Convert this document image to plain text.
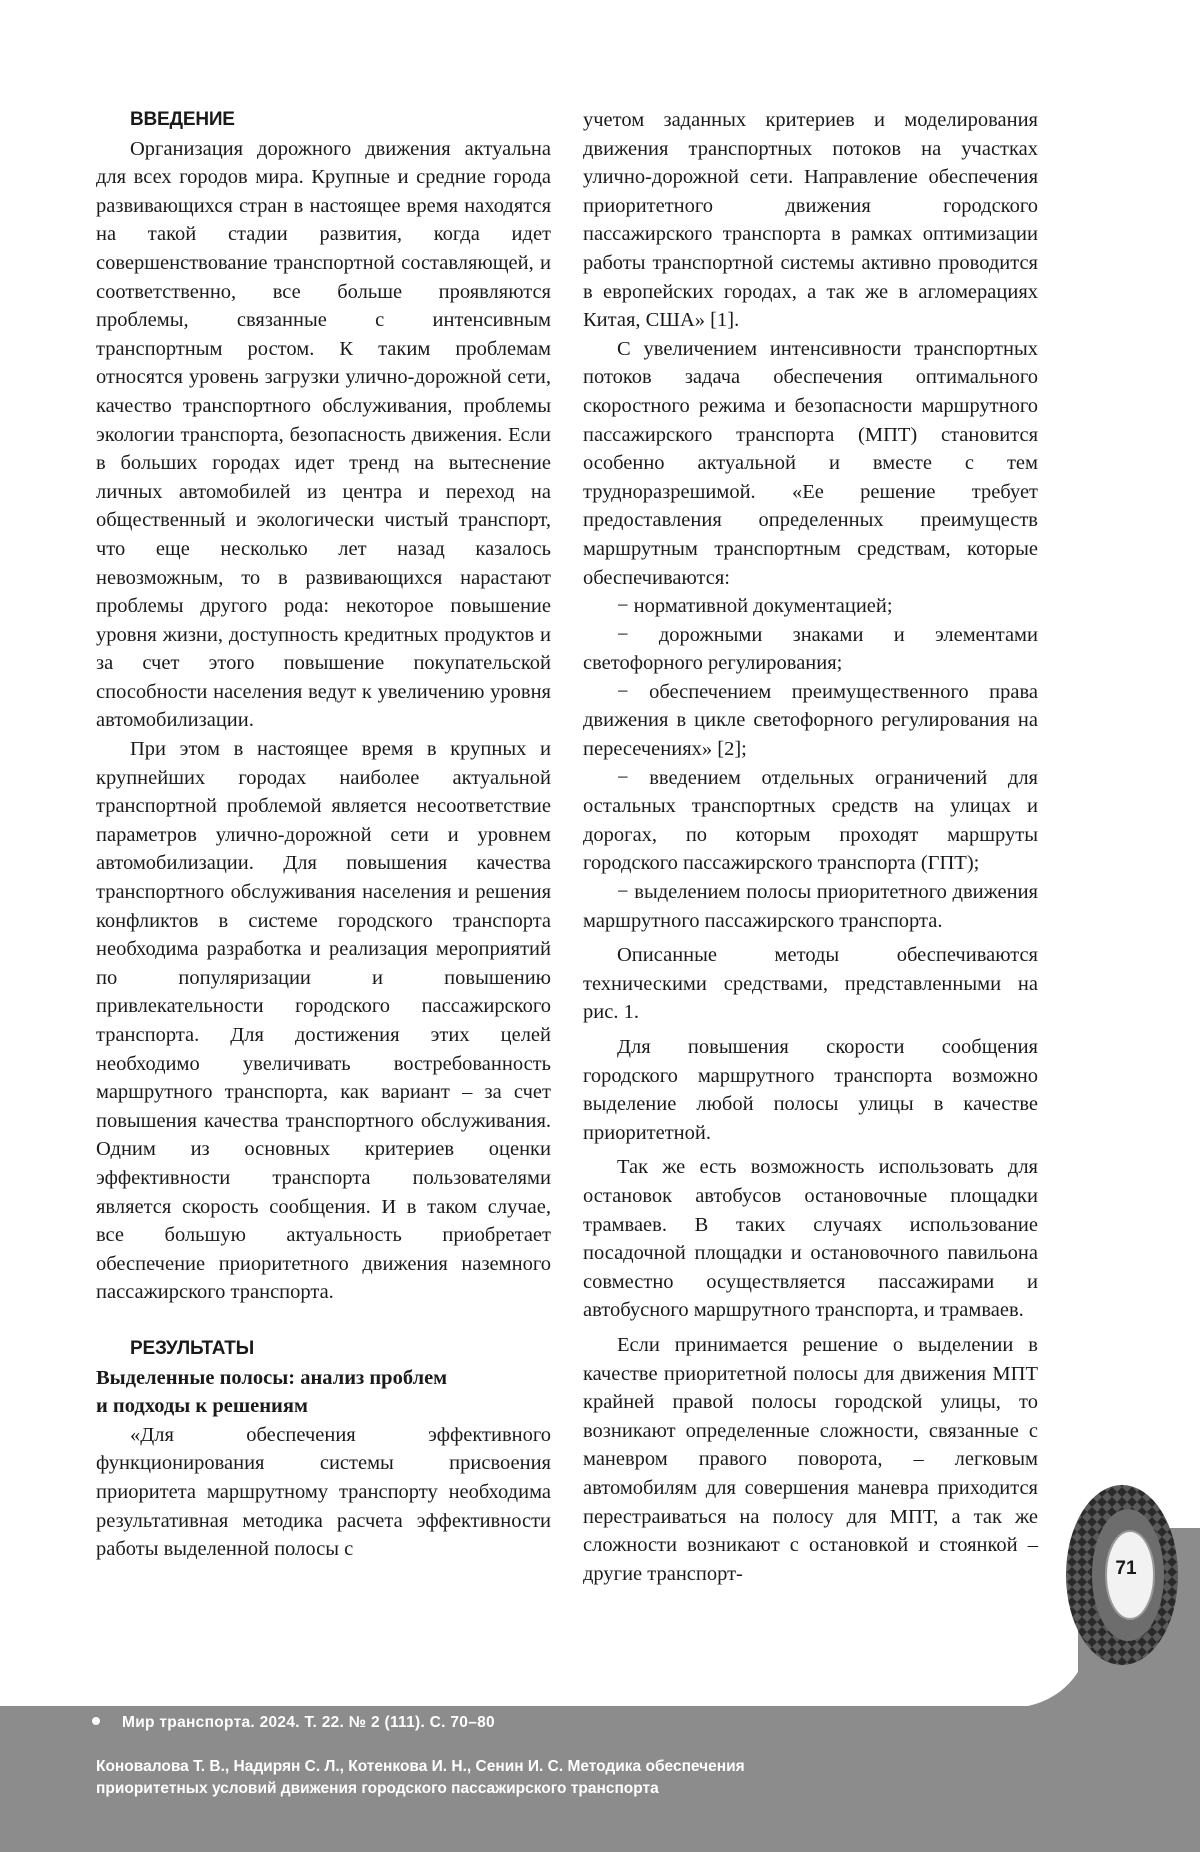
ВВЕДЕНИЕ

Организация дорожного движения актуальна для всех городов мира. Крупные и средние города развивающихся стран в настоящее время находятся на такой стадии развития, когда идет совершенствование транспортной составляющей, и соответственно, все больше проявляются проблемы, связанные с интенсивным транспортным ростом. К таким проблемам относятся уровень загрузки улично-дорожной сети, качество транспортного обслуживания, проблемы экологии транспорта, безопасность движения. Если в больших городах идет тренд на вытеснение личных автомобилей из центра и переход на общественный и экологически чистый транспорт, что еще несколько лет назад казалось невозможным, то в развивающихся нарастают проблемы другого рода: некоторое повышение уровня жизни, доступность кредитных продуктов и за счет этого повышение покупательской способности населения ведут к увеличению уровня автомобилизации.

При этом в настоящее время в крупных и крупнейших городах наиболее актуальной транспортной проблемой является несоответствие параметров улично-дорожной сети и уровнем автомобилизации. Для повышения качества транспортного обслуживания населения и решения конфликтов в системе городского транспорта необходима разработка и реализация мероприятий по популяризации и повышению привлекательности городского пассажирского транспорта. Для достижения этих целей необходимо увеличивать востребованность маршрутного транспорта, как вариант – за счет повышения качества транспортного обслуживания. Одним из основных критериев оценки эффективности транспорта пользователями является скорость сообщения. И в таком случае, все большую актуальность приобретает обеспечение приоритетного движения наземного пассажирского транспорта.

РЕЗУЛЬТАТЫ

Выделенные полосы: анализ проблем

и подходы к решениям

«Для обеспечения эффективного функционирования системы присвоения приоритета маршрутному транспорту необходима результативная методика расчета эффективности работы выделенной полосы с

учетом заданных критериев и моделирования движения транспортных потоков на участках улично-дорожной сети. Направление обеспечения приоритетного движения городского пассажирского транспорта в рамках оптимизации работы транспортной системы активно проводится в европейских городах, а так же в агломерациях Китая, США» [1].

С увеличением интенсивности транспортных потоков задача обеспечения оптимального скоростного режима и безопасности маршрутного пассажирского транспорта (МПТ) становится особенно актуальной и вместе с тем трудноразрешимой. «Ее решение требует предоставления определенных преимуществ маршрутным транспортным средствам, которые обеспечиваются:

− нормативной документацией;

− дорожными знаками и элементами светофорного регулирования;

− обеспечением преимущественного права движения в цикле светофорного регулирования на пересечениях» [2];

− введением отдельных ограничений для остальных транспортных средств на улицах и дорогах, по которым проходят маршруты городского пассажирского транспорта (ГПТ);

− выделением полосы приоритетного движения маршрутного пассажирского транспорта.

Описанные методы обеспечиваются техническими средствами, представленными на рис. 1.

Для повышения скорости сообщения городского маршрутного транспорта возможно выделение любой полосы улицы в качестве приоритетной.

Так же есть возможность использовать для остановок автобусов остановочные площадки трамваев. В таких случаях использование посадочной площадки и остановочного павильона совместно осуществляется пассажирами и автобусного маршрутного транспорта, и трамваев.

Если принимается решение о выделении в качестве приоритетной полосы для движения МПТ крайней правой полосы городской улицы, то возникают определенные сложности, связанные с маневром правого поворота, – легковым автомобилям для совершения маневра приходится перестраиваться на полосу для МПТ, а так же сложности возникают с остановкой и стоянкой – другие транспорт-	71
Мир транспорта. 2024. Т. 22. № 2 (111). С. 70–80
Коновалова Т. В., Надирян С. Л., Котенкова И. Н., Сенин И. С. Методика обеспечения
приоритетных условий движения городского пассажирского транспорта
